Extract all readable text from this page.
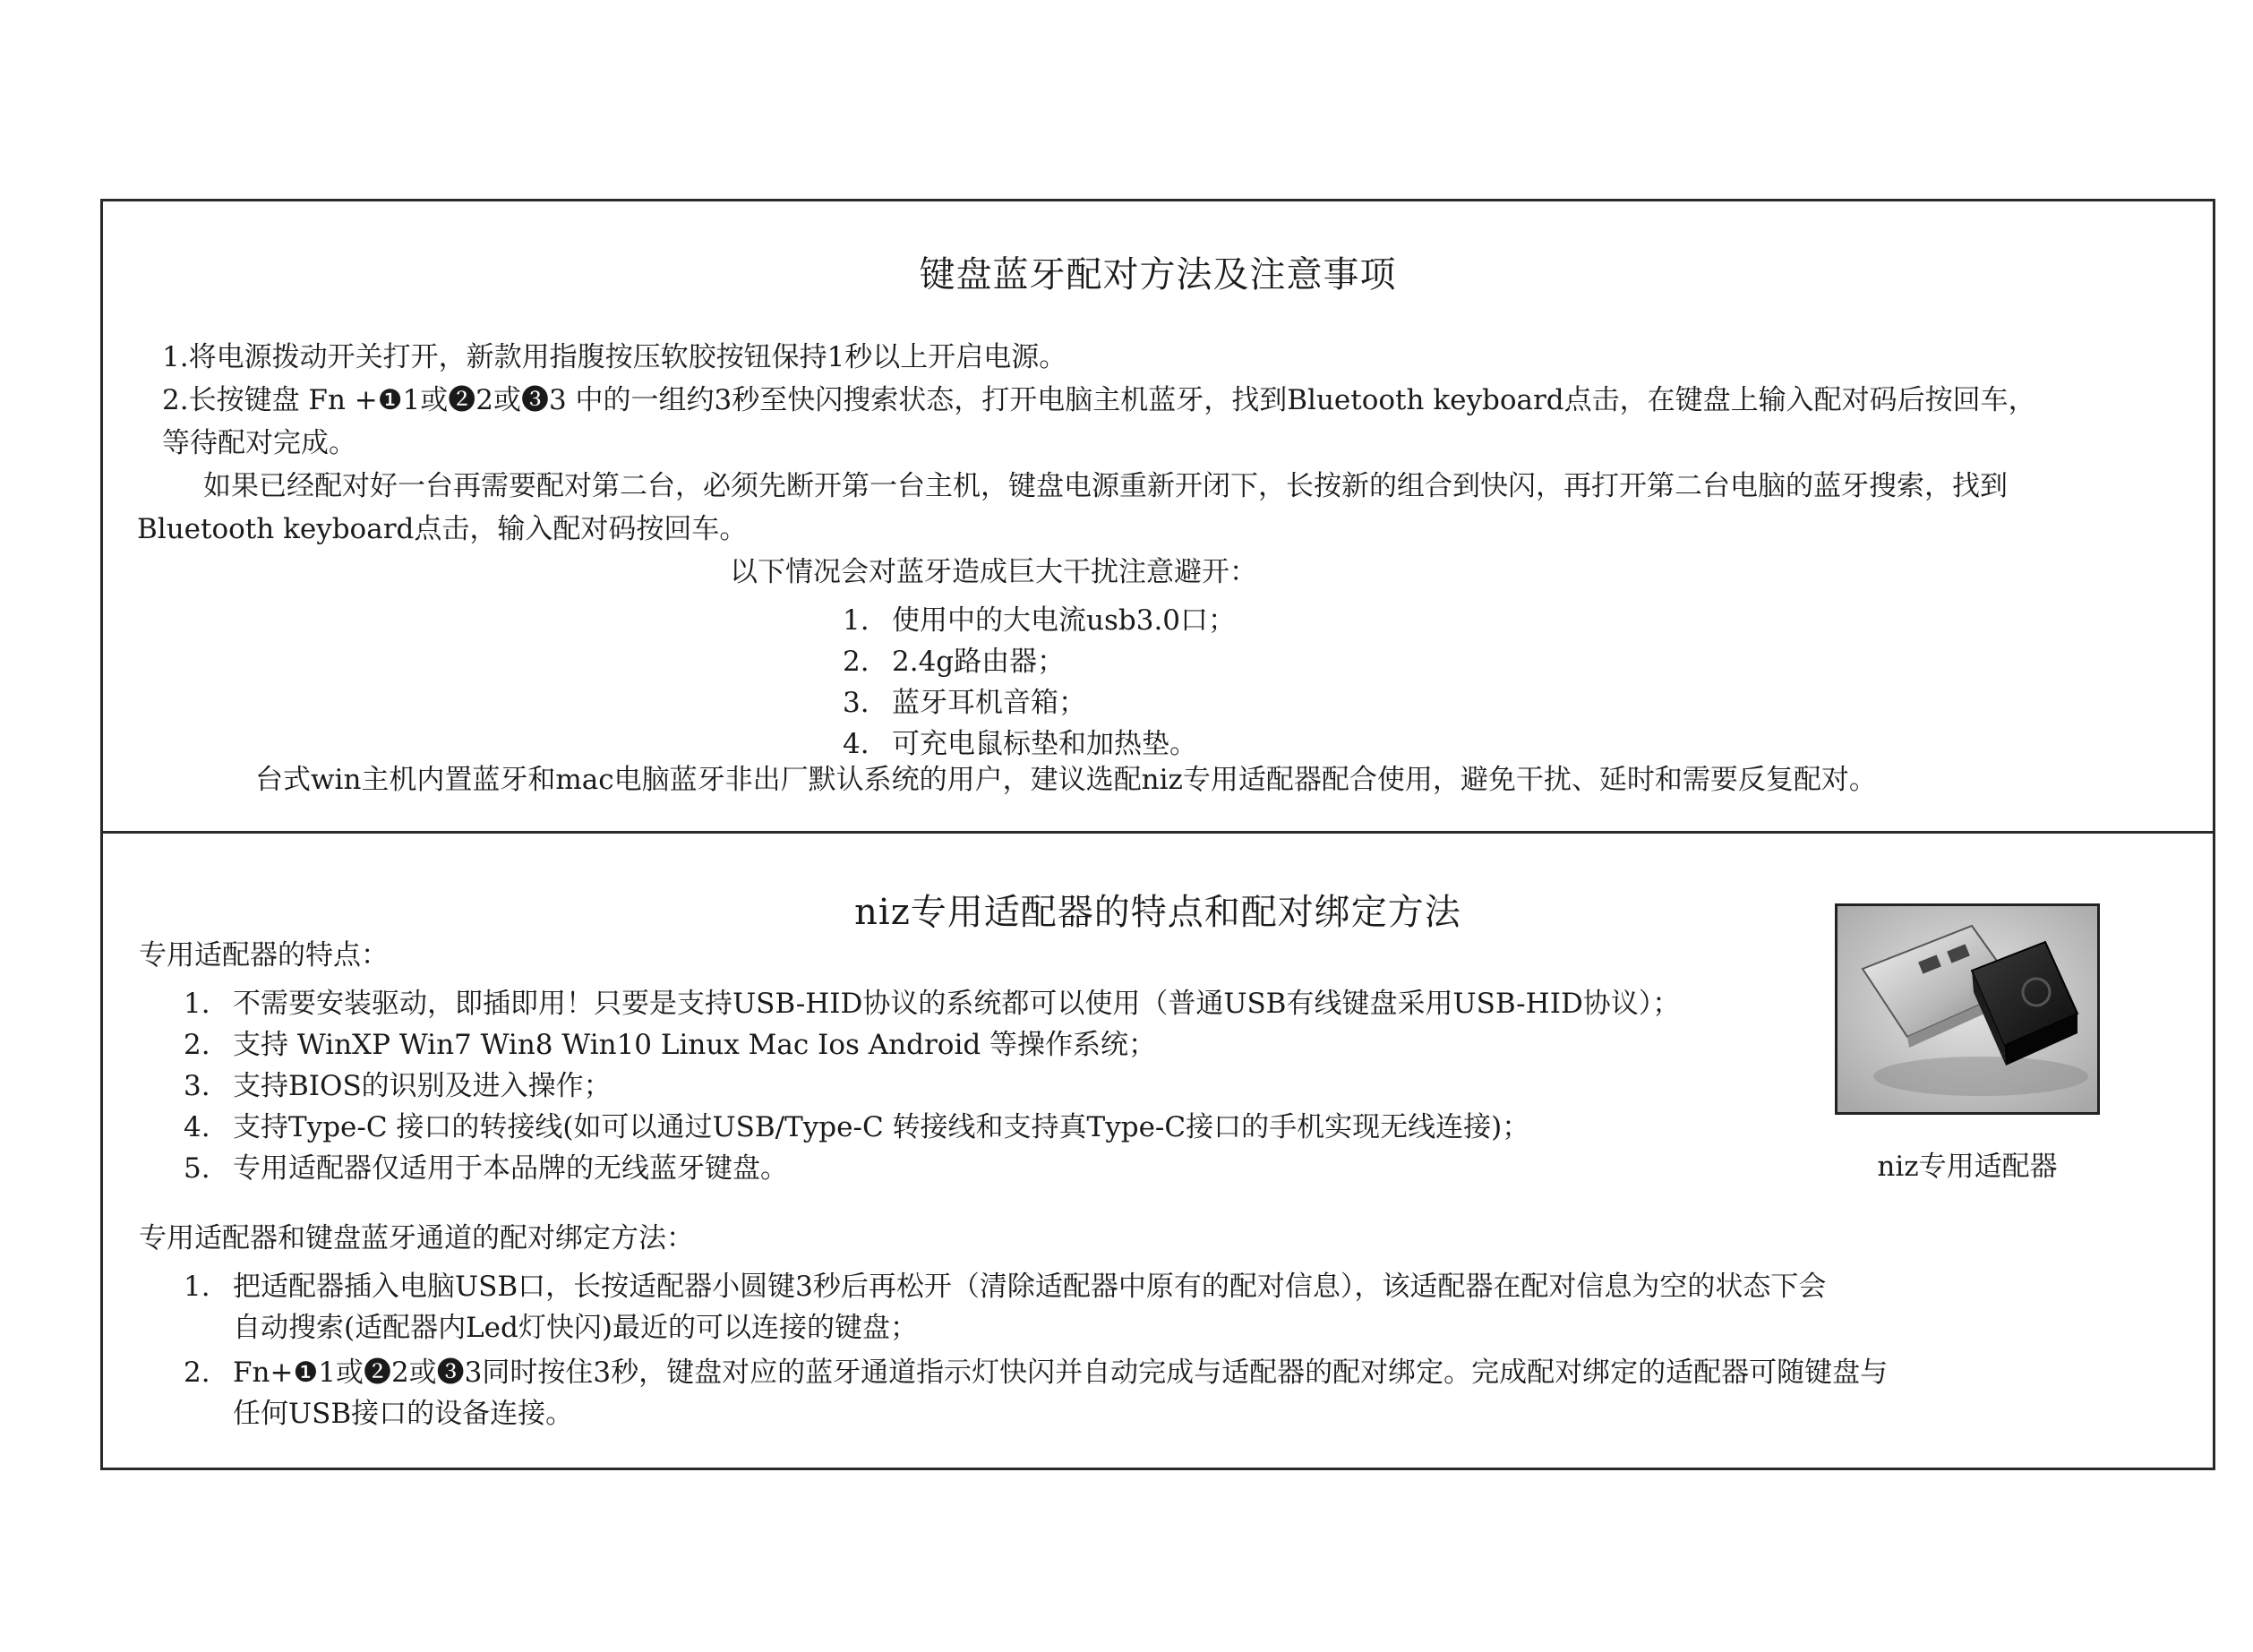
键盘蓝牙配对方法及注意事项
1.将电源拨动开关打开，新款用指腹按压软胶按钮保持1秒以上开启电源。
2.长按键盘 Fn +❶1或❷2或❸3 中的一组约3秒至快闪搜索状态，打开电脑主机蓝牙，找到Bluetooth keyboard点击，在键盘上输入配对码后按回车，
等待配对完成。
如果已经配对好一台再需要配对第二台，必须先断开第一台主机，键盘电源重新开闭下，长按新的组合到快闪，再打开第二台电脑的蓝牙搜索，找到
Bluetooth keyboard点击，输入配对码按回车。
以下情况会对蓝牙造成巨大干扰注意避开：
1. 使用中的大电流usb3.0口；
2. 2.4g路由器；
3. 蓝牙耳机音箱；
4. 可充电鼠标垫和加热垫。
台式win主机内置蓝牙和mac电脑蓝牙非出厂默认系统的用户，建议选配niz专用适配器配合使用，避免干扰、延时和需要反复配对。
niz专用适配器的特点和配对绑定方法
专用适配器的特点：
1. 不需要安装驱动，即插即用！只要是支持USB-HID协议的系统都可以使用（普通USB有线键盘采用USB-HID协议）；
2. 支持 WinXP Win7 Win8 Win10 Linux Mac Ios Android 等操作系统；
3. 支持BIOS的识别及进入操作；
4. 支持Type-C 接口的转接线(如可以通过USB/Type-C 转接线和支持真Type-C接口的手机实现无线连接)；
5. 专用适配器仅适用于本品牌的无线蓝牙键盘。
专用适配器和键盘蓝牙通道的配对绑定方法：
1. 把适配器插入电脑USB口，长按适配器小圆键3秒后再松开（清除适配器中原有的配对信息），该适配器在配对信息为空的状态下会
自动搜索(适配器内Led灯快闪)最近的可以连接的键盘；
2. Fn+❶1或❷2或❸3同时按住3秒，键盘对应的蓝牙通道指示灯快闪并自动完成与适配器的配对绑定。完成配对绑定的适配器可随键盘与
任何USB接口的设备连接。
niz专用适配器
